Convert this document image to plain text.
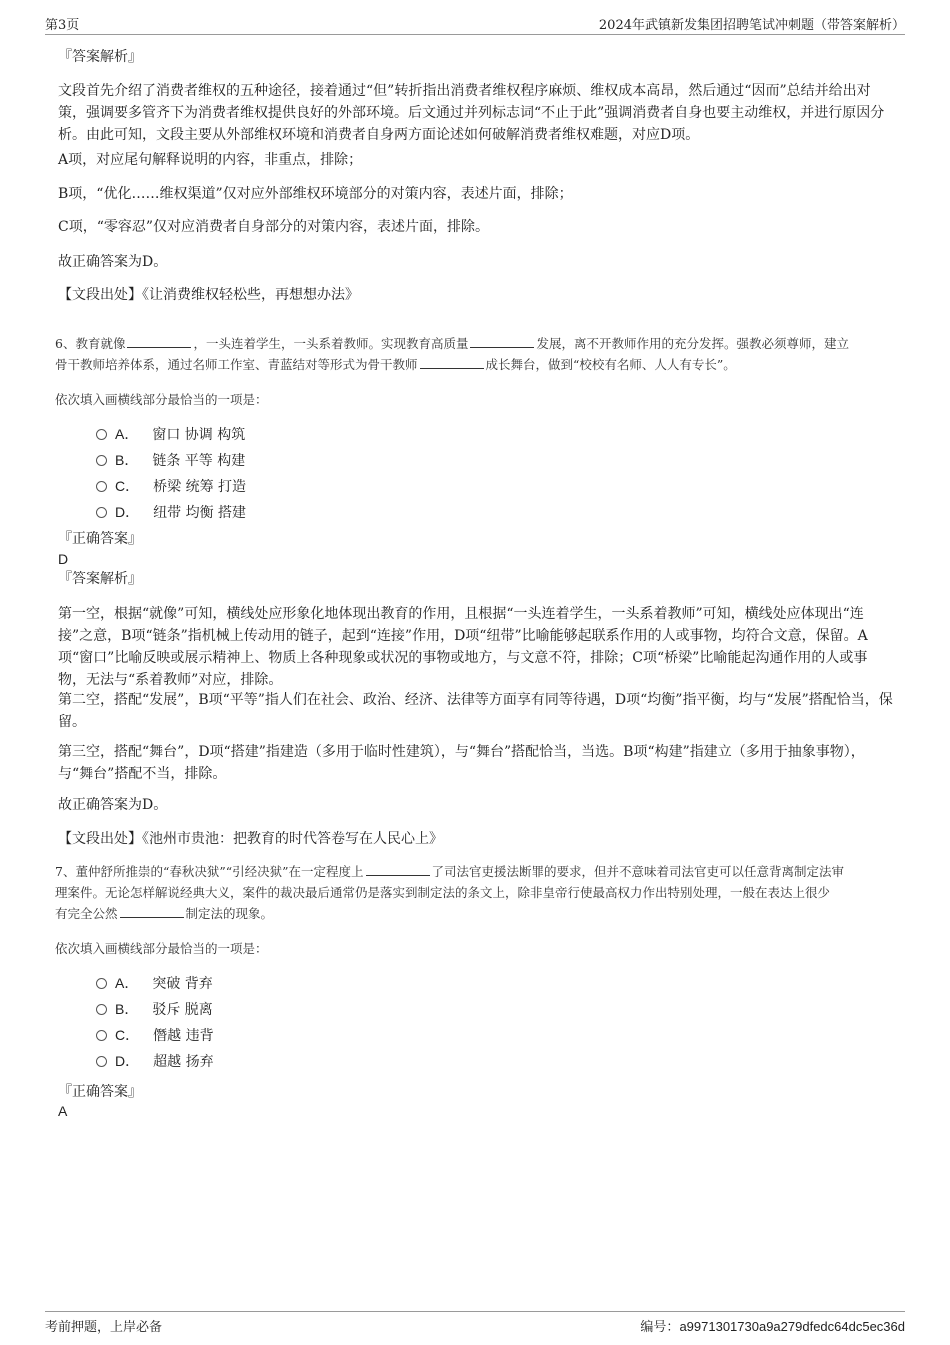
第3页	2024年武镇新发集团招聘笔试冲刺题（带答案解析）
『答案解析』
文段首先介绍了消费者维权的五种途径，接着通过“但”转折指出消费者维权程序麻烦、维权成本高昂，然后通过“因而”总结并给出对策，强调要多管齐下为消费者维权提供良好的外部环境。后文通过并列标志词“不止于此”强调消费者自身也要主动维权，并进行原因分析。由此可知，文段主要从外部维权环境和消费者自身两方面论述如何破解消费者维权难题，对应D项。
A项，对应尾句解释说明的内容，非重点，排除；
B项，“优化……维权渠道”仅对应外部维权环境部分的对策内容，表述片面，排除；
C项，“零容忍”仅对应消费者自身部分的对策内容，表述片面，排除。
故正确答案为D。
【文段出处】《让消费维权轻松些，再想想办法》
6、教育就像	，一头连着学生，一头系着教师。实现教育高质量	发展，离不开教师作用的充分发挥。强教必须尊师，建立
骨干教师培养体系，通过名师工作室、青蓝结对等形式为骨干教师	成长舞台，做到“校校有名师、人人有专长”。
依次填入画横线部分最恰当的一项是：
A． 窗口 协调 构筑
B． 链条 平等 构建
C． 桥梁 统筹 打造
D． 纽带 均衡 搭建
『正确答案』
D
『答案解析』
第一空，根据“就像”可知，横线处应形象化地体现出教育的作用，且根据“一头连着学生，一头系着教师”可知，横线处应体现出“连接”之意，B项“链条”指机械上传动用的链子，起到“连接”作用，D项“纽带”比喻能够起联系作用的人或事物，均符合文意，保留。A项“窗口”比喻反映或展示精神上、物质上各种现象或状况的事物或地方，与文意不符，排除；C项“桥梁”比喻能起沟通作用的人或事物，无法与“系着教师”对应，排除。
第二空，搭配“发展”，B项“平等”指人们在社会、政治、经济、法律等方面享有同等待遇，D项“均衡”指平衡，均与“发展”搭配恰当，保留。
第三空，搭配“舞台”，D项“搭建”指建造（多用于临时性建筑），与“舞台”搭配恰当，当选。B项“构建”指建立（多用于抽象事物），与“舞台”搭配不当，排除。
故正确答案为D。
【文段出处】《池州市贵池：把教育的时代答卷写在人民心上》
7、董仲舒所推崇的“春秋决狱”“引经决狱”在一定程度上	了司法官吏援法断罪的要求，但并不意味着司法官吏可以任意背离制定法审
理案件。无论怎样解说经典大义，案件的裁决最后通常仍是落实到制定法的条文上，除非皇帝行使最高权力作出特别处理，一般在表达上很少
有完全公然	制定法的现象。
依次填入画横线部分最恰当的一项是：
A． 突破 背弃
B． 驳斥 脱离
C． 僭越 违背
D． 超越 扬弃
『正确答案』
A
考前押题，上岸必备	编号：a9971301730a9a279dfedc64dc5ec36d
